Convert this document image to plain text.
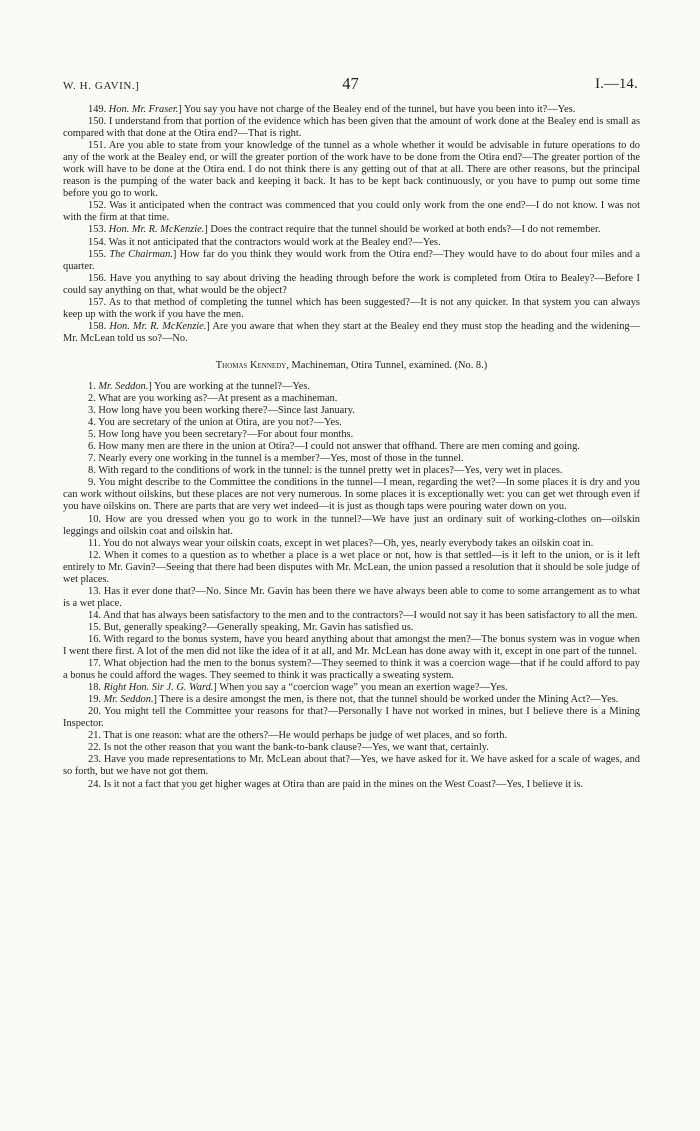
W. H. GAVIN.]	47	I.—14.

149. Hon. Mr. Fraser.] You say you have not charge of the Bealey end of the tunnel, but have you been into it?—Yes.

150. I understand from that portion of the evidence which has been given that the amount of work done at the Bealey end is small as compared with that done at the Otira end?—That is right.

151. Are you able to state from your knowledge of the tunnel as a whole whether it would be advisable in future operations to do any of the work at the Bealey end, or will the greater portion of the work have to be done from the Otira end?—The greater portion of the work will have to be done at the Otira end. I do not think there is any getting out of that at all. There are other reasons, but the principal reason is the pumping of the water back and keeping it back. It has to be kept back continuously, or you have to pump out some time before you go to work.

152. Was it anticipated when the contract was commenced that you could only work from the one end?—I do not know. I was not with the firm at that time.

153. Hon. Mr. R. McKenzie.] Does the contract require that the tunnel should be worked at both ends?—I do not remember.

154. Was it not anticipated that the contractors would work at the Bealey end?—Yes.

155. The Chairman.] How far do you think they would work from the Otira end?—They would have to do about four miles and a quarter.

156. Have you anything to say about driving the heading through before the work is completed from Otira to Bealey?—Before I could say anything on that, what would be the object?

157. As to that method of completing the tunnel which has been suggested?—It is not any quicker. In that system you can always keep up with the work if you have the men.

158. Hon. Mr. R. McKenzie.] Are you aware that when they start at the Bealey end they must stop the heading and the widening—Mr. McLean told us so?—No.

Thomas Kennedy, Machineman, Otira Tunnel, examined. (No. 8.)

1. Mr. Seddon.] You are working at the tunnel?—Yes.

2. What are you working as?—At present as a machineman.

3. How long have you been working there?—Since last January.

4. You are secretary of the union at Otira, are you not?—Yes.

5. How long have you been secretary?—For about four months.

6. How many men are there in the union at Otira?—I could not answer that offhand. There are men coming and going.

7. Nearly every one working in the tunnel is a member?—Yes, most of those in the tunnel.

8. With regard to the conditions of work in the tunnel: is the tunnel pretty wet in places?—Yes, very wet in places.

9. You might describe to the Committee the conditions in the tunnel—I mean, regarding the wet?—In some places it is dry and you can work without oilskins, but these places are not very numerous. In some places it is exceptionally wet: you can get wet through even if you have oilskins on. There are parts that are very wet indeed—it is just as though taps were pouring water down on you.

10. How are you dressed when you go to work in the tunnel?—We have just an ordinary suit of working-clothes on—oilskin leggings and oilskin coat and oilskin hat.

11. You do not always wear your oilskin coats, except in wet places?—Oh, yes, nearly everybody takes an oilskin coat in.

12. When it comes to a question as to whether a place is a wet place or not, how is that settled—is it left to the union, or is it left entirely to Mr. Gavin?—Seeing that there had been disputes with Mr. McLean, the union passed a resolution that it should be sole judge of wet places.

13. Has it ever done that?—No. Since Mr. Gavin has been there we have always been able to come to some arrangement as to what is a wet place.

14. And that has always been satisfactory to the men and to the contractors?—I would not say it has been satisfactory to all the men.

15. But, generally speaking?—Generally speaking, Mr. Gavin has satisfied us.

16. With regard to the bonus system, have you heard anything about that amongst the men?—The bonus system was in vogue when I went there first. A lot of the men did not like the idea of it at all, and Mr. McLean has done away with it, except in one part of the tunnel.

17. What objection had the men to the bonus system?—They seemed to think it was a coercion wage—that if he could afford to pay a bonus he could afford the wages. They seemed to think it was practically a sweating system.

18. Right Hon. Sir J. G. Ward.] When you say a “coercion wage” you mean an exertion wage?—Yes.

19. Mr. Seddon.] There is a desire amongst the men, is there not, that the tunnel should be worked under the Mining Act?—Yes.

20. You might tell the Committee your reasons for that?—Personally I have not worked in mines, but I believe there is a Mining Inspector.

21. That is one reason: what are the others?—He would perhaps be judge of wet places, and so forth.

22. Is not the other reason that you want the bank-to-bank clause?—Yes, we want that, certainly.

23. Have you made representations to Mr. McLean about that?—Yes, we have asked for it. We have asked for a scale of wages, and so forth, but we have not got them.

24. Is it not a fact that you get higher wages at Otira than are paid in the mines on the West Coast?—Yes, I believe it is.
